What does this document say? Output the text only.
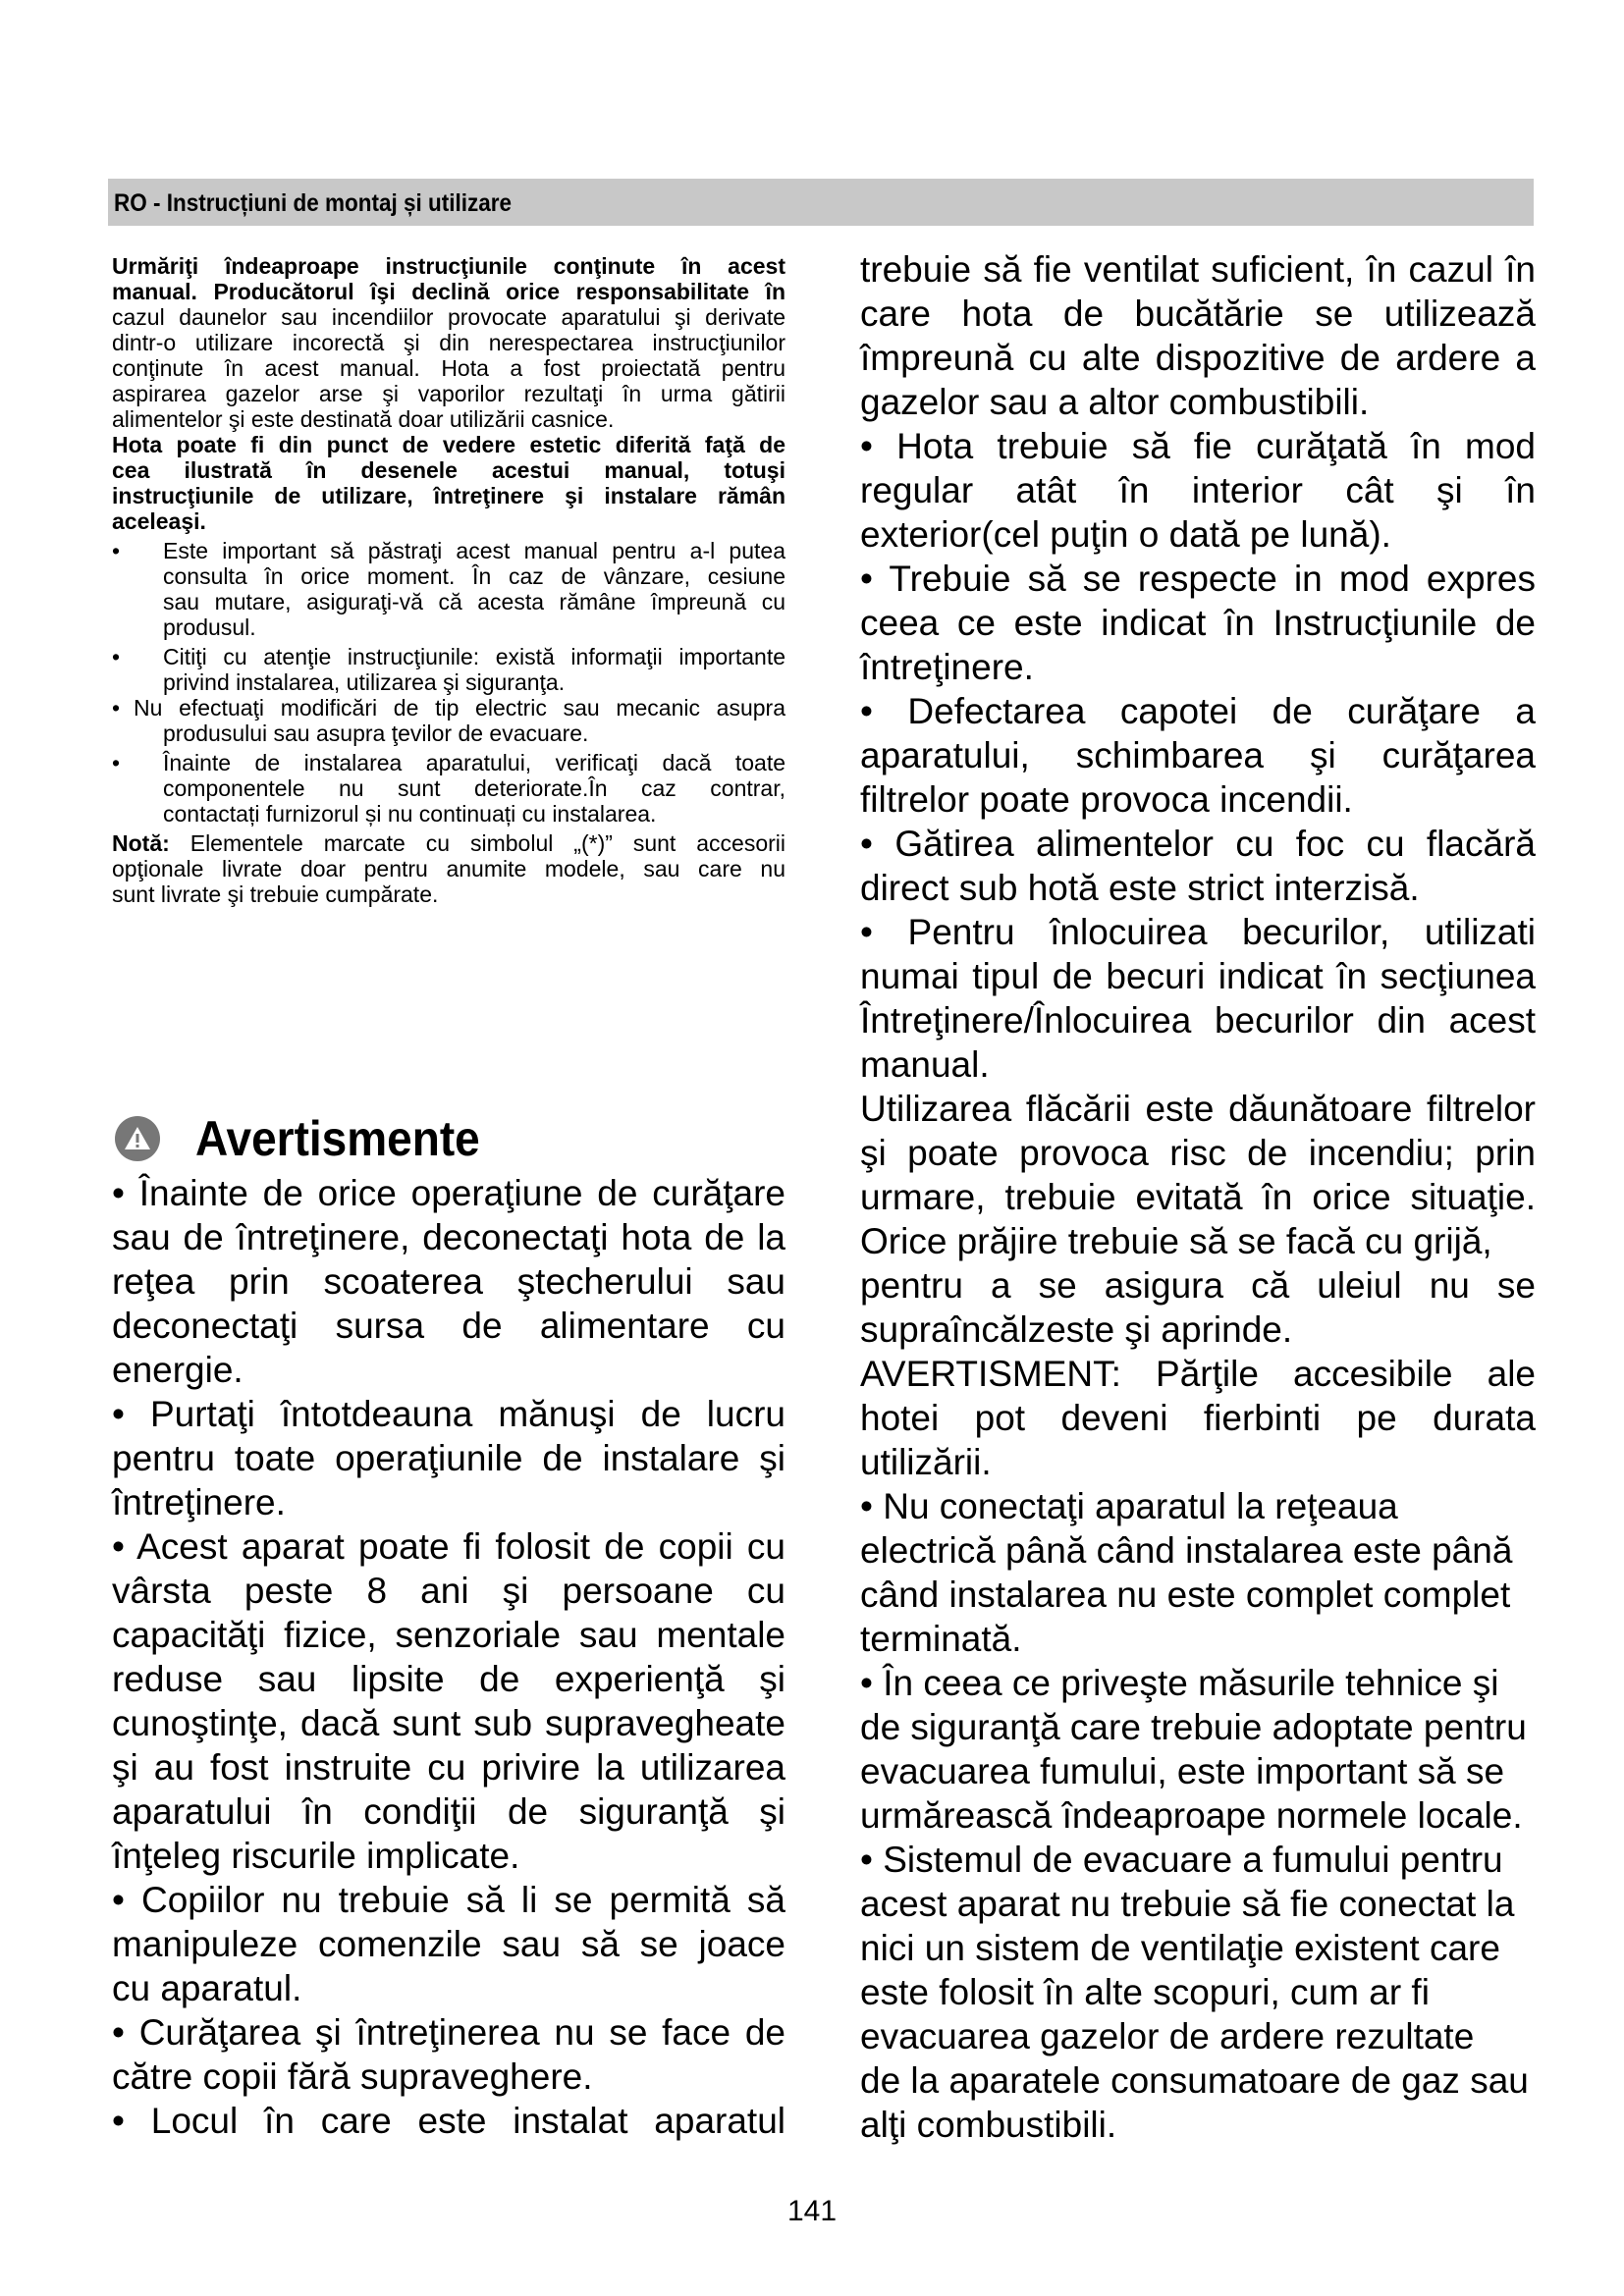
RO - Instrucțiuni de montaj și utilizare
Urmăriţi îndeaproape instrucţiunile conţinute în acest
manual. Producătorul îşi declină orice responsabilitate în
cazul daunelor sau incendiilor provocate aparatului şi derivate
dintr-o utilizare incorectă şi din nerespectarea instrucţiunilor
conţinute în acest manual. Hota a fost proiectată pentru
aspirarea gazelor arse şi vaporilor rezultaţi în urma gătirii
alimentelor şi este destinată doar utilizării casnice.
Hota poate fi din punct de vedere estetic diferită faţă de
cea ilustrată în desenele acestui manual, totuşi
instrucţiunile de utilizare, întreţinere şi instalare rămân
aceleaşi.
• Este important să păstraţi acest manual pentru a-l putea
consulta în orice moment. În caz de vânzare, cesiune
sau mutare, asiguraţi-vă că acesta rămâne împreună cu
produsul.
• Citiţi cu atenţie instrucţiunile: există informaţii importante
privind instalarea, utilizarea şi siguranţa.
• Nu efectuaţi modificări de tip electric sau mecanic asupra
produsului sau asupra ţevilor de evacuare.
• Înainte de instalarea aparatului, verificaţi dacă toate
componentele nu sunt deteriorate.În caz contrar,
contactați furnizorul și nu continuați cu instalarea.
Notă: Elementele marcate cu simbolul „(*)” sunt accesorii
opţionale livrate doar pentru anumite modele, sau care nu
sunt livrate şi trebuie cumpărate.
Avertismente
• Înainte de orice operaţiune de curăţare
sau de întreţinere, deconectaţi hota de la
reţea prin scoaterea ştecherului sau
deconectaţi sursa de alimentare cu
energie.
• Purtaţi întotdeauna mănuşi de lucru
pentru toate operaţiunile de instalare şi
întreţinere.
• Acest aparat poate fi folosit de copii cu
vârsta peste 8 ani şi persoane cu
capacităţi fizice, senzoriale sau mentale
reduse sau lipsite de experienţă şi
cunoştinţe, dacă sunt sub supravegheate
şi au fost instruite cu privire la utilizarea
aparatului în condiţii de siguranţă şi
înţeleg riscurile implicate.
• Copiilor nu trebuie să li se permită să
manipuleze comenzile sau să se joace
cu aparatul.
• Curăţarea şi întreţinerea nu se face de
către copii fără supraveghere.
• Locul în care este instalat aparatul
trebuie să fie ventilat suficient, în cazul în
care hota de bucătărie se utilizează
împreună cu alte dispozitive de ardere a
gazelor sau a altor combustibili.
• Hota trebuie să fie curăţată în mod
regular atât în interior cât şi în
exterior(cel puţin o dată pe lună).
• Trebuie să se respecte in mod expres
ceea ce este indicat în Instrucţiunile de
întreţinere.
• Defectarea capotei de curăţare a
aparatului, schimbarea şi curăţarea
filtrelor poate provoca incendii.
• Gătirea alimentelor cu foc cu flacără
direct sub hotă este strict interzisă.
• Pentru înlocuirea becurilor, utilizati
numai tipul de becuri indicat în secţiunea
Întreţinere/Înlocuirea becurilor din acest
manual.
Utilizarea flăcării este dăunătoare filtrelor
şi poate provoca risc de incendiu; prin
urmare, trebuie evitată în orice situaţie.
Orice prăjire trebuie să se facă cu grijă,
pentru a se asigura că uleiul nu se
supraîncălzeste şi aprinde.
AVERTISMENT: Părţile accesibile ale
hotei pot deveni fierbinti pe durata
utilizării.
• Nu conectaţi aparatul la reţeaua
electrică până când instalarea este până
când instalarea nu este complet complet
terminată.
• În ceea ce priveşte măsurile tehnice şi
de siguranţă care trebuie adoptate pentru
evacuarea fumului, este important să se
urmărească îndeaproape normele locale.
• Sistemul de evacuare a fumului pentru
acest aparat nu trebuie să fie conectat la
nici un sistem de ventilaţie existent care
este folosit în alte scopuri, cum ar fi
evacuarea gazelor de ardere rezultate
de la aparatele consumatoare de gaz sau
alţi combustibili.
141
